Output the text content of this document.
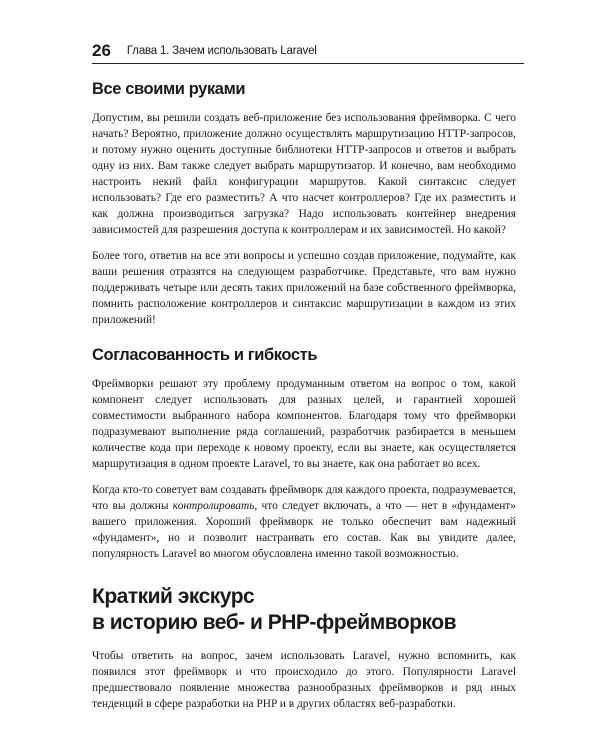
26 Глава 1. Зачем использовать Laravel
Все своими руками

Допустим, вы решили создать веб-приложение без использования фреймворка. С чего начать? Вероятно, приложение должно осуществлять маршрутизацию HTTP-запросов, и потому нужно оценить доступные библиотеки HTTP-запросов и ответов и выбрать одну из них. Вам также следует выбрать маршрутизатор. И конечно, вам необходимо настроить некий файл конфигурации маршрутов. Какой синтаксис следует использовать? Где его разместить? А что насчет контроллеров? Где их разместить и как должна производиться загрузка? Надо использовать контейнер внедрения зависимостей для разрешения доступа к контроллерам и их зависимостей. Но какой?

Более того, ответив на все эти вопросы и успешно создав приложение, подумайте, как ваши решения отразятся на следующем разработчике. Представьте, что вам нужно поддерживать четыре или десять таких приложений на базе собственного фреймворка, помнить расположение контроллеров и синтаксис маршрутизации в каждом из этих приложений!

Согласованность и гибкость

Фреймворки решают эту проблему продуманным ответом на вопрос о том, какой компонент следует использовать для разных целей, и гарантией хорошей совместимости выбранного набора компонентов. Благодаря тому что фреймворки подразумевают выполнение ряда соглашений, разработчик разбирается в меньшем количестве кода при переходе к новому проекту, если вы знаете, как осуществляется маршрутизация в одном проекте Laravel, то вы знаете, как она работает во всех.

Когда кто-то советует вам создавать фреймворк для каждого проекта, подразумевается, что вы должны контролировать, что следует включать, а что — нет в «фундамент» вашего приложения. Хороший фреймворк не только обеспечит вам надежный «фундамент», но и позволит настраивать его состав. Как вы увидите далее, популярность Laravel во многом обусловлена именно такой возможностью.

Краткий экскурс
в историю веб- и PHP-фреймворков

Чтобы ответить на вопрос, зачем использовать Laravel, нужно вспомнить, как появился этот фреймворк и что происходило до этого. Популярности Laravel предшествовало появление множества разнообразных фреймворков и ряд иных тенденций в сфере разработки на PHP и в других областях веб-разработки.
